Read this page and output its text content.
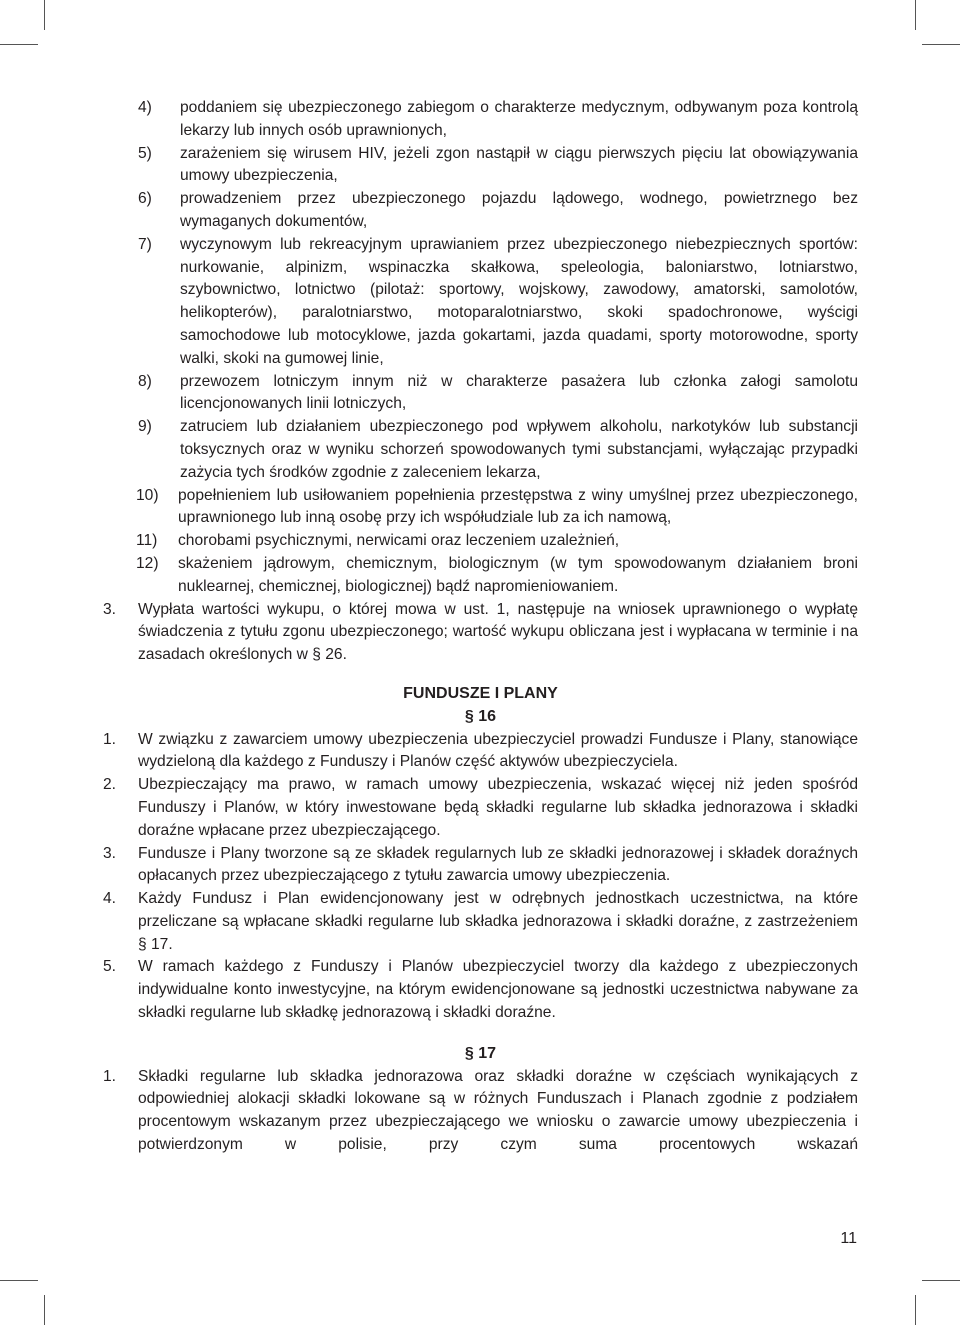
4)	poddaniem się ubezpieczonego zabiegom o charakterze medycznym, odbywanym poza kontrolą lekarzy lub innych osób uprawnionych,
5)	zarażeniem się wirusem HIV, jeżeli zgon nastąpił w ciągu pierwszych pięciu lat obowiązywania umowy ubezpieczenia,
6)	prowadzeniem przez ubezpieczonego pojazdu lądowego, wodnego, powietrznego bez wymaganych dokumentów,
7)	wyczynowym lub rekreacyjnym uprawianiem przez ubezpieczonego niebezpiecznych sportów: nurkowanie, alpinizm, wspinaczka skałkowa, speleologia, baloniarstwo, lotniarstwo, szybownictwo, lotnictwo (pilotaż: sportowy, wojskowy, zawodowy, amatorski, samolotów, helikopterów), paralotniarstwo, motoparalotniarstwo, skoki spadochronowe, wyścigi samochodowe lub motocyklowe, jazda gokartami, jazda quadami, sporty motorowodne, sporty walki, skoki na gumowej linie,
8)	przewozem lotniczym innym niż w charakterze pasażera lub członka załogi samolotu licencjonowanych linii lotniczych,
9)	zatruciem lub działaniem ubezpieczonego pod wpływem alkoholu, narkotyków lub substancji toksycznych oraz w wyniku schorzeń spowodowanych tymi substancjami, wyłączając przypadki zażycia tych środków zgodnie z zaleceniem lekarza,
10)	popełnieniem lub usiłowaniem popełnienia przestępstwa z winy umyślnej przez ubezpieczonego, uprawnionego lub inną osobę przy ich współudziale lub za ich namową,
11)	chorobami psychicznymi, nerwicami oraz leczeniem uzależnień,
12)	skażeniem jądrowym, chemicznym, biologicznym (w tym spowodowanym działaniem broni nuklearnej, chemicznej, biologicznej) bądź napromieniowaniem.
3.	Wypłata wartości wykupu, o której mowa w ust. 1, następuje na wniosek uprawnionego o wypłatę świadczenia z tytułu zgonu ubezpieczonego; wartość wykupu obliczana jest i wypłacana w terminie i na zasadach określonych w § 26.
FUNDUSZE I PLANY
§ 16
1.	W związku z zawarciem umowy ubezpieczenia ubezpieczyciel prowadzi Fundusze i Plany, stanowiące wydzieloną dla każdego z Funduszy i Planów część aktywów ubezpieczyciela.
2.	Ubezpieczający ma prawo, w ramach umowy ubezpieczenia, wskazać więcej niż jeden spośród Funduszy i Planów, w który inwestowane będą składki regularne lub składka jednorazowa i składki doraźne wpłacane przez ubezpieczającego.
3.	Fundusze i Plany tworzone są ze składek regularnych lub ze składki jednorazowej i składek doraźnych opłacanych przez ubezpieczającego z tytułu zawarcia umowy ubezpieczenia.
4.	Każdy Fundusz i Plan ewidencjonowany jest w odrębnych jednostkach uczestnictwa, na które przeliczane są wpłacane składki regularne lub składka jednorazowa i składki doraźne, z zastrzeżeniem § 17.
5.	W ramach każdego z Funduszy i Planów ubezpieczyciel tworzy dla każdego z ubezpieczonych indywidualne konto inwestycyjne, na którym ewidencjonowane są jednostki uczestnictwa nabywane za składki regularne lub składkę jednorazową i składki doraźne.
§ 17
1.	Składki regularne lub składka jednorazowa oraz składki doraźne w częściach wynikających z odpowiedniej alokacji składki lokowane są w różnych Funduszach i Planach zgodnie z podziałem procentowym wskazanym przez ubezpieczającego we wniosku o zawarcie umowy ubezpieczenia i potwierdzonym w polisie, przy czym suma procentowych wskazań
11
